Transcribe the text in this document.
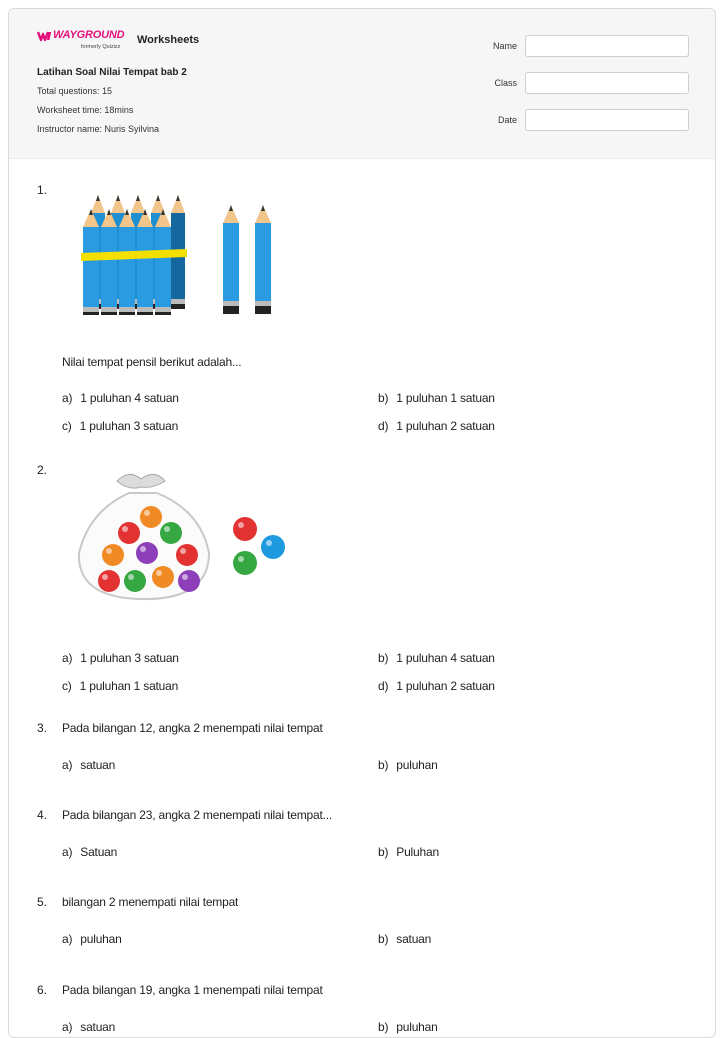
WAYGROUND
formerly Quizizz
Worksheets
Latihan Soal Nilai Tempat bab 2
Total questions: 15
Worksheet time: 18mins
Instructor name: Nuris Syilvina
Name
Class
Date
1.
Nilai tempat pensil berikut adalah...
a) 1 puluhan 4 satuan	b) 1 puluhan 1 satuan
c) 1 puluhan 3 satuan	d) 1 puluhan 2 satuan
2.
a) 1 puluhan 3 satuan	b) 1 puluhan 4 satuan
c) 1 puluhan 1 satuan	d) 1 puluhan 2 satuan
3. Pada bilangan 12, angka 2 menempati nilai tempat
a) satuan	b) puluhan
4. Pada bilangan 23, angka 2 menempati nilai tempat...
a) Satuan	b) Puluhan
5. bilangan 2 menempati nilai tempat
a) puluhan	b) satuan
6. Pada bilangan 19, angka 1 menempati nilai tempat
a) satuan	b) puluhan
